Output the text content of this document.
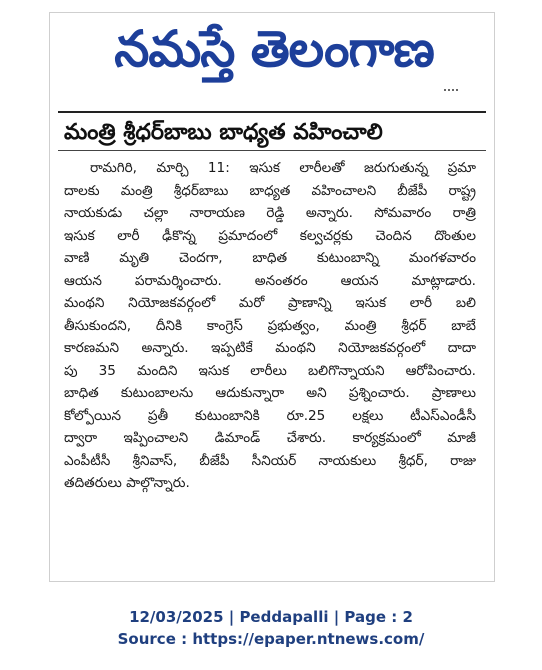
నమస్తే తెలంగాణ
మంత్రి శ్రీధర్‌బాబు బాధ్యత వహించాలి
రామగిరి, మార్చి 11: ఇసుక లారీలతో జరుగుతున్న ప్రమా
దాలకు మంత్రి శ్రీధర్‌బాబు బాధ్యత వహించాలని బీజేపీ రాష్ట్ర
నాయకుడు చల్లా నారాయణ రెడ్డి అన్నారు. సోమవారం రాత్రి
ఇసుక లారీ ఢీకొన్న ప్రమాదంలో కల్వచర్లకు చెందిన దొంతుల
వాణి మృతి చెందగా, బాధిత కుటుంబాన్ని మంగళవారం
ఆయన పరామర్శించారు. అనంతరం ఆయన మాట్లాడారు.
మంథని నియోజకవర్గంలో మరో ప్రాణాన్ని ఇసుక లారీ బలి
తీసుకుందని, దీనికి కాంగ్రెస్ ప్రభుత్వం, మంత్రి శ్రీధర్ బాబే
కారణమని అన్నారు. ఇప్పటికే మంథని నియోజకవర్గంలో దాదా
పు 35 మందిని ఇసుక లారీలు బలిగొన్నాయని ఆరోపించారు.
బాధిత కుటుంబాలను ఆదుకున్నారా అని ప్రశ్నించారు. ప్రాణాలు
కోల్పోయిన ప్రతీ కుటుంబానికి రూ.25 లక్షలు టీఎస్ఎండీసీ
ద్వారా ఇప్పించాలని డిమాండ్ చేశారు. కార్యక్రమంలో మాజీ
ఎంపీటీసీ శ్రీనివాస్, బీజేపీ సీనియర్ నాయకులు శ్రీధర్, రాజు
తదితరులు పాల్గొన్నారు.
12/03/2025 | Peddapalli | Page : 2
Source : https://epaper.ntnews.com/
